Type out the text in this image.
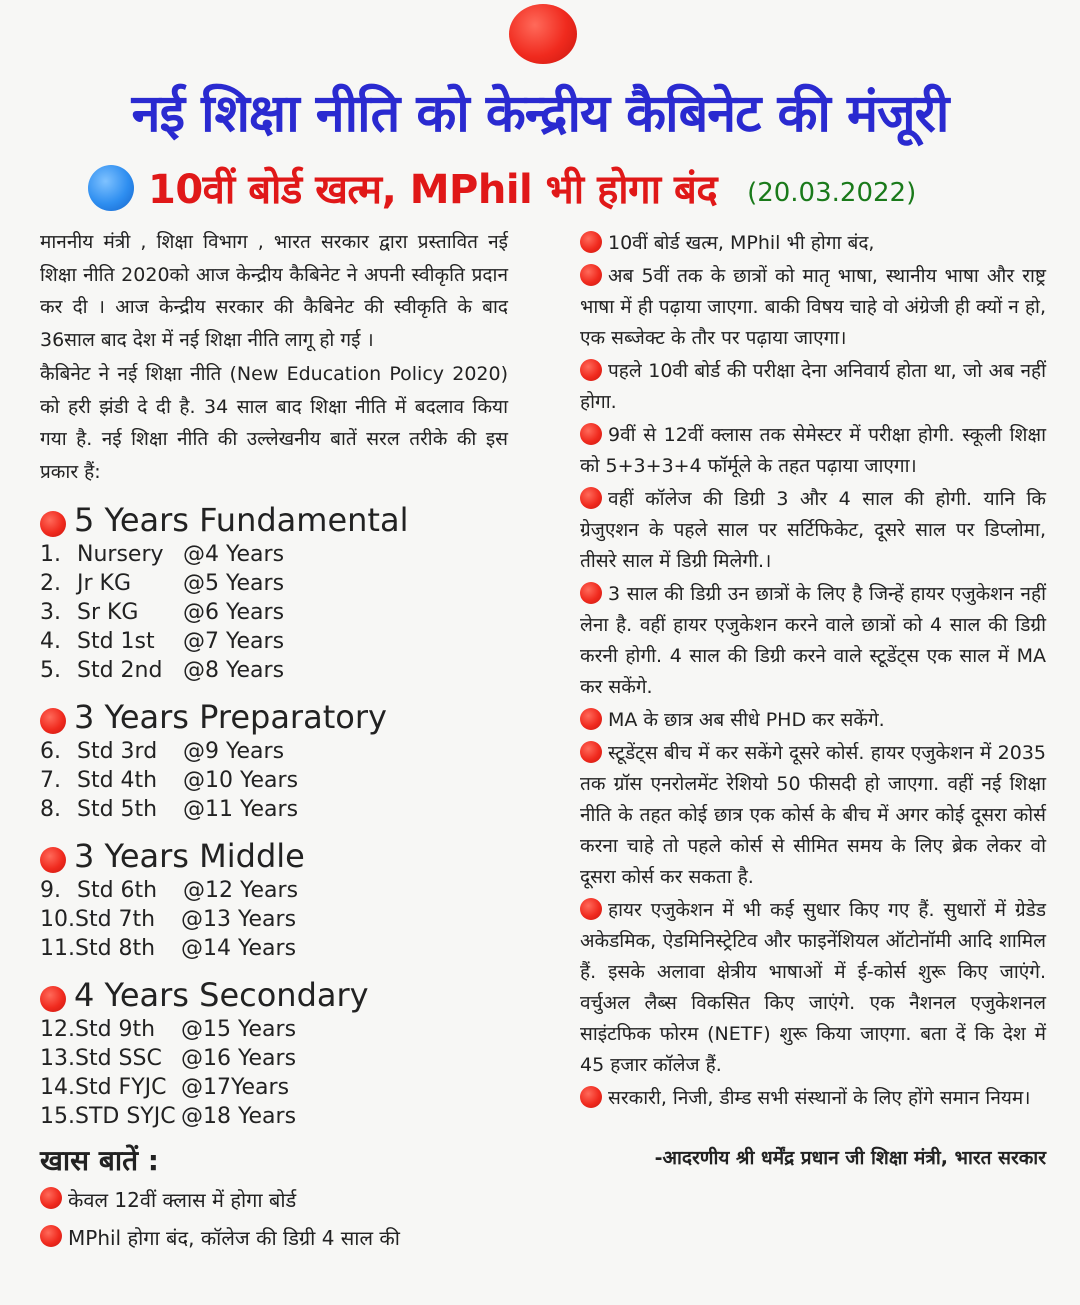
नई शिक्षा नीति को केन्द्रीय कैबिनेट की मंजूरी
10वीं बोर्ड खत्म, MPhil भी होगा बंद (20.03.2022)

माननीय मंत्री , शिक्षा विभाग , भारत सरकार द्वारा प्रस्तावित नई शिक्षा नीति 2020को आज केन्द्रीय कैबिनेट ने अपनी स्वीकृति प्रदान कर दी । आज केन्द्रीय सरकार की कैबिनेट की स्वीकृति के बाद 36साल बाद देश में नई शिक्षा नीति लागू हो गई ।

कैबिनेट ने नई शिक्षा नीति (New Education Policy 2020) को हरी झंडी दे दी है. 34 साल बाद शिक्षा नीति में बदलाव किया गया है. नई शिक्षा नीति की उल्लेखनीय बातें सरल तरीके की इस प्रकार हैं:

5 Years Fundamental
1.
Nursery @4 Years
2.
Jr KG	@5 Years
3.
Sr KG	@6 Years
4.
Std 1st	@7 Years
5.
Std 2nd @8 Years
3 Years Preparatory
6.
Std 3rd	@9 Years
7.
Std 4th	@10 Years
8.
Std 5th	@11 Years
3 Years Middle
9.
Std 6th	@12 Years
10. Std 7th	@13 Years
11. Std 8th	@14 Years
4 Years Secondary
12. Std 9th	@15 Years
13. Std SSC @16 Years
14. Std FYJC @17Years
15. STD SYJC @18 Years
खास बातें :
केवल 12वीं क्लास में होगा बोर्ड
MPhil होगा बंद, कॉलेज की डिग्री 4 साल की

10वीं बोर्ड खत्म, MPhil भी होगा बंद,

अब 5वीं तक के छात्रों को मातृ भाषा, स्थानीय भाषा और राष्ट्र भाषा में ही पढ़ाया जाएगा. बाकी विषय चाहे वो अंग्रेजी ही क्यों न हो, एक सब्जेक्ट के तौर पर पढ़ाया जाएगा।

पहले 10वी बोर्ड की परीक्षा देना अनिवार्य होता था, जो अब नहीं होगा.

9वीं से 12वीं क्लास तक सेमेस्टर में परीक्षा होगी. स्कूली शिक्षा को 5+3+3+4 फॉर्मूले के तहत पढ़ाया जाएगा।

वहीं कॉलेज की डिग्री 3 और 4 साल की होगी. यानि कि ग्रेजुएशन के पहले साल पर सर्टिफिकेट, दूसरे साल पर डिप्लोमा, तीसरे साल में डिग्री मिलेगी.।

3 साल की डिग्री उन छात्रों के लिए है जिन्हें हायर एजुकेशन नहीं लेना है. वहीं हायर एजुकेशन करने वाले छात्रों को 4 साल की डिग्री करनी होगी. 4 साल की डिग्री करने वाले स्टूडेंट्स एक साल में MA कर सकेंगे.

MA के छात्र अब सीधे PHD कर सकेंगे.

स्टूडेंट्स बीच में कर सकेंगे दूसरे कोर्स. हायर एजुकेशन में 2035 तक ग्रॉस एनरोलमेंट रेशियो 50 फीसदी हो जाएगा. वहीं नई शिक्षा नीति के तहत कोई छात्र एक कोर्स के बीच में अगर कोई दूसरा कोर्स करना चाहे तो पहले कोर्स से सीमित समय के लिए ब्रेक लेकर वो दूसरा कोर्स कर सकता है.

हायर एजुकेशन में भी कई सुधार किए गए हैं. सुधारों में ग्रेडेड अकेडमिक, ऐडमिनिस्ट्रेटिव और फाइनेंशियल ऑटोनॉमी आदि शामिल हैं. इसके अलावा क्षेत्रीय भाषाओं में ई-कोर्स शुरू किए जाएंगे. वर्चुअल लैब्स विकसित किए जाएंगे. एक नैशनल एजुकेशनल साइंटफिक फोरम (NETF) शुरू किया जाएगा. बता दें कि देश में 45 हजार कॉलेज हैं.

सरकारी, निजी, डीम्ड सभी संस्थानों के लिए होंगे समान नियम।

-आदरणीय श्री धर्मेंद्र प्रधान जी शिक्षा मंत्री, भारत सरकार
